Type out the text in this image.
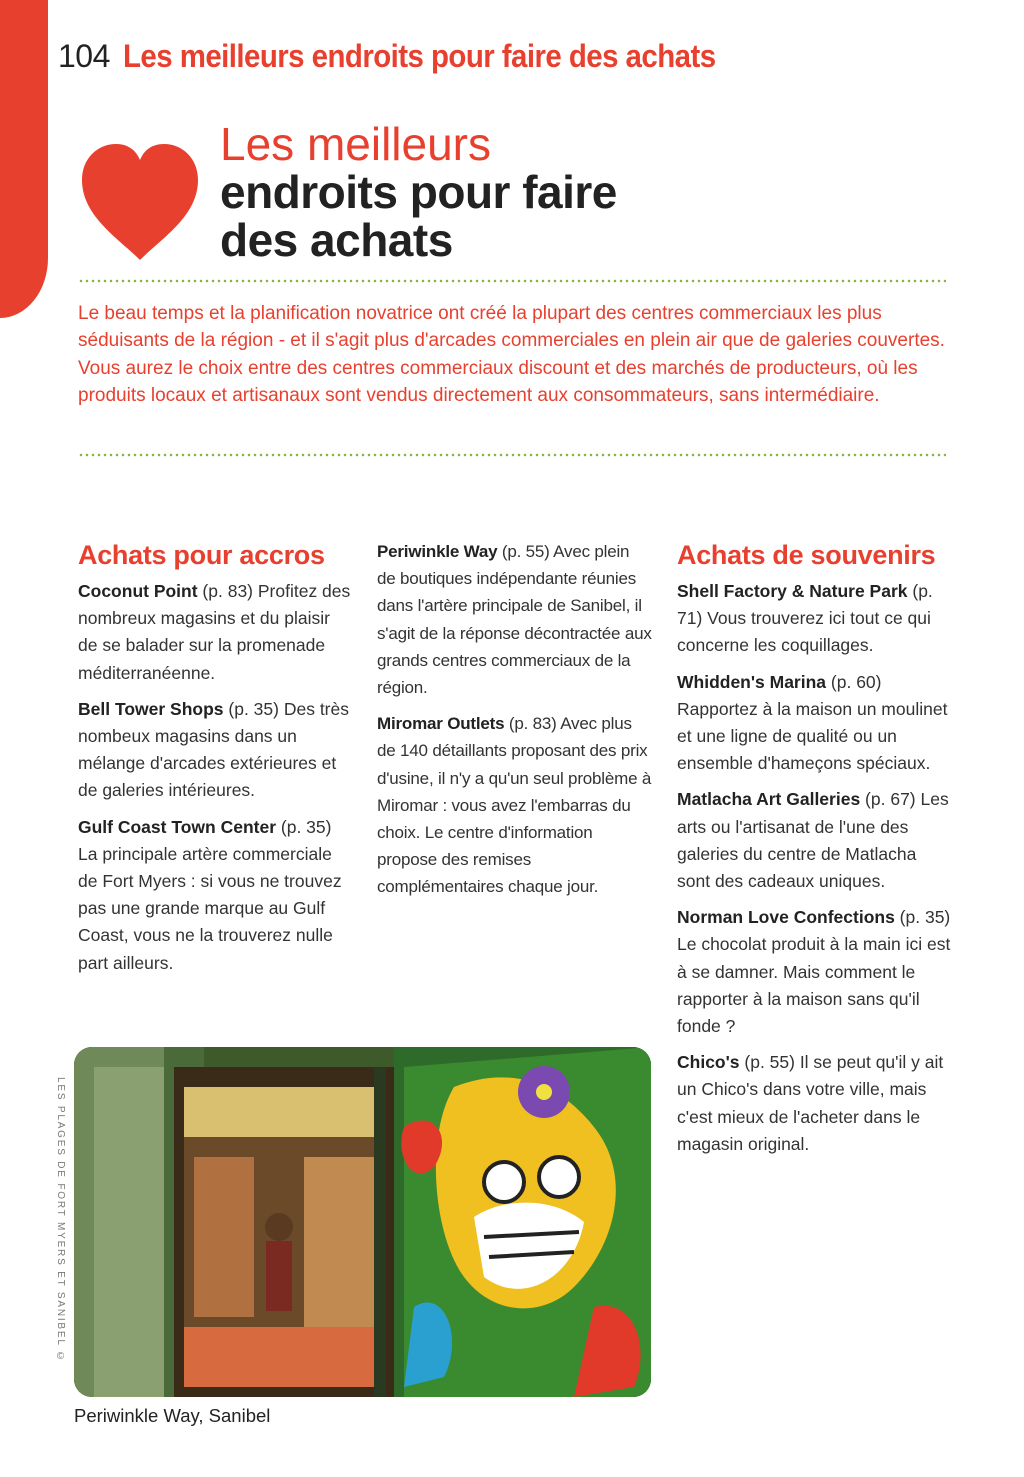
104 Les meilleurs endroits pour faire des achats
Les meilleurs
endroits pour faire
des achats
Le beau temps et la planification novatrice ont créé la plupart des centres commerciaux les plus séduisants de la région - et il s'agit plus d'arcades commerciales en plein air que de galeries couvertes. Vous aurez le choix entre des centres commerciaux discount et des marchés de producteurs, où les produits locaux et artisanaux sont vendus directement aux consommateurs, sans intermédiaire.
Achats pour accros

Coconut Point (p. 83) Profitez des nombreux magasins et du plaisir de se balader sur la promenade méditerranéenne.

Bell Tower Shops (p. 35) Des très nombeux magasins dans un mélange d'arcades extérieures et de galeries intérieures.

Gulf Coast Town Center (p. 35) La principale artère commerciale de Fort Myers : si vous ne trouvez pas une grande marque au Gulf Coast, vous ne la trouverez nulle part ailleurs.

Periwinkle Way (p. 55) Avec plein de boutiques indépendante réunies dans l'artère principale de Sanibel, il s'agit de la réponse décontractée aux grands centres commerciaux de la région.

Miromar Outlets (p. 83) Avec plus de 140 détaillants proposant des prix d'usine, il n'y a qu'un seul problème à Miromar : vous avez l'embarras du choix. Le centre d'information propose des remises complémentaires chaque jour.

Achats de souvenirs

Shell Factory & Nature Park (p. 71) Vous trouverez ici tout ce qui concerne les coquillages.

Whidden's Marina (p. 60) Rapportez à la maison un moulinet et une ligne de qualité ou un ensemble d'hameçons spéciaux.

Matlacha Art Galleries (p. 67) Les arts ou l'artisanat de l'une des galeries du centre de Matlacha sont des cadeaux uniques.

Norman Love Confections (p. 35) Le chocolat produit à la main ici est à se damner. Mais comment le rapporter à la maison sans qu'il fonde ?

Chico's (p. 55) Il se peut qu'il y ait un Chico's dans votre ville, mais c'est mieux de l'acheter dans le magasin original.

LES PLAGES DE FORT MYERS ET SANIBEL ©
Periwinkle Way, Sanibel
